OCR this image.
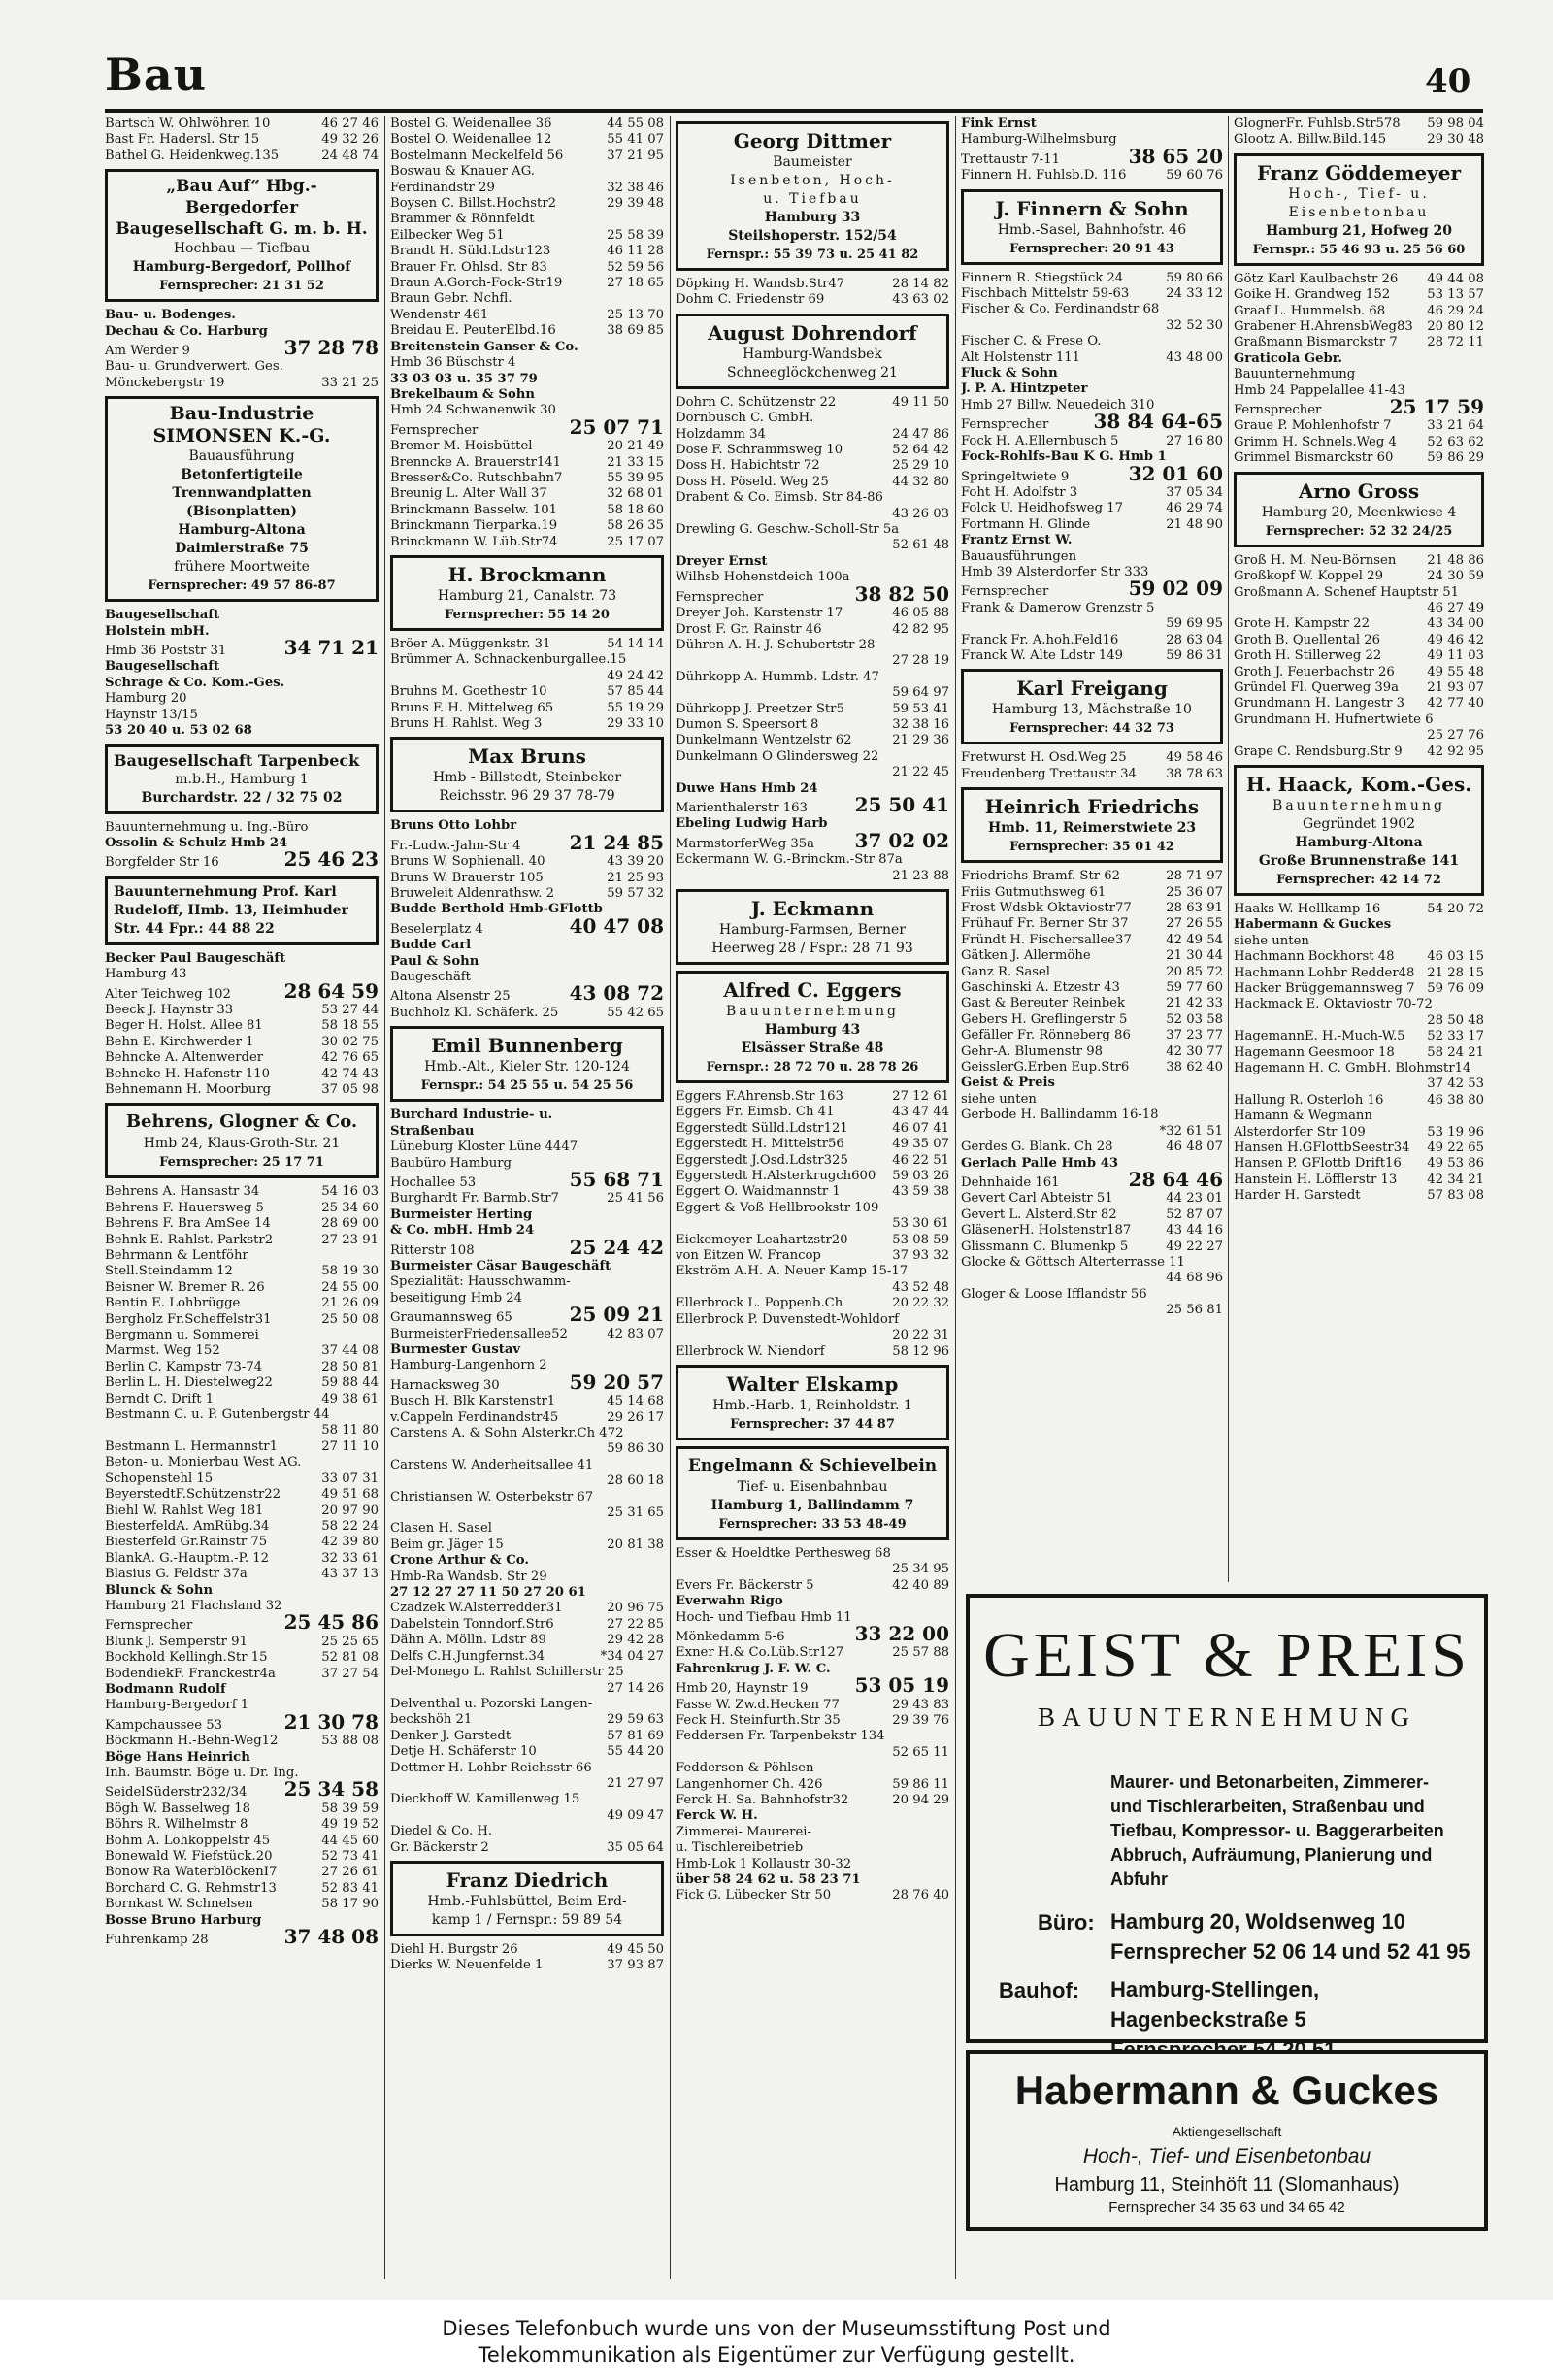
Bau	40
Bartsch W. Ohlwöhren 10	46 27 46
Bast Fr. Hadersl. Str 15	49 32 26
Bathel G. Heidenkweg.135	24 48 74
„Bau Auf“ Hbg.-Bergedorfer Baugesellschaft G. m. b. H.
Hochbau — Tiefbau
Hamburg-Bergedorf, Pollhof
Fernsprecher: 21 31 52
Bau- u. Bodenges.
Dechau & Co. Harburg
Am Werder 9	37 28 78
Bau- u. Grundverwert. Ges.
Mönckebergstr 19	33 21 25
Bau-Industrie SIMONSEN K.-G.
Bauausführung
Betonfertigteile
Trennwandplatten
(Bisonplatten)
Hamburg-Altona
Daimlerstraße 75
frühere Moortweite
Fernsprecher: 49 57 86-87
Baugesellschaft
Holstein mbH.
Hmb 36 Poststr 31	34 71 21
Baugesellschaft
Schrage & Co. Kom.-Ges.
Hamburg 20
Haynstr 13/15
53 20 40 u. 53 02 68
Baugesellschaft Tarpenbeck
m.b.H., Hamburg 1
Burchardstr. 22 / 32 75 02
Bauunternehmung u. Ing.-Büro
Ossolin & Schulz Hmb 24
Borgfelder Str 16	25 46 23
Bauunternehmung Prof. Karl Rudeloff, Hmb. 13, Heimhuder Str. 44 Fpr.: 44 88 22
Becker Paul Baugeschäft
Hamburg 43
Alter Teichweg 102	28 64 59
Beeck J. Haynstr 33	53 27 44
Beger H. Holst. Allee 81	58 18 55
Behn E. Kirchwerder 1	30 02 75
Behncke A. Altenwerder	42 76 65
Behncke H. Hafenstr 110	42 74 43
Behnemann H. Moorburg	37 05 98
Behrens, Glogner & Co.
Hmb 24, Klaus-Groth-Str. 21
Fernsprecher: 25 17 71
Behrens A. Hansastr 34	54 16 03
Behrens F. Hauersweg 5	25 34 60
Behrens F. Bra AmSee 14	28 69 00
Behnk E. Rahlst. Parkstr2	27 23 91
Behrmann & Lentföhr
Stell.Steindamm 12	58 19 30
Beisner W. Bremer R. 26	24 55 00
Bentin E. Lohbrügge	21 26 09
Bergholz Fr.Scheffelstr31	25 50 08
Bergmann u. Sommerei
Marmst. Weg 152	37 44 08
Berlin C. Kampstr 73-74	28 50 81
Berlin L. H. Diestelweg22	59 88 44
Berndt C. Drift 1	49 38 61
Bestmann C. u. P. Gutenbergstr 44
58 11 80
Bestmann L. Hermannstr1	27 11 10
Beton- u. Monierbau West AG.
Schopenstehl 15	33 07 31
BeyerstedtF.Schützenstr22	49 51 68
Biehl W. Rahlst Weg 181	20 97 90
BiesterfeldA. AmRübg.34	58 22 24
Biesterfeld Gr.Rainstr 75	42 39 80
BlankA. G.-Hauptm.-P. 12	32 33 61
Blasius G. Feldstr 37a	43 37 13
Blunck & Sohn
Hamburg 21 Flachsland 32
Fernsprecher	25 45 86
Blunk J. Semperstr 91	25 25 65
Bockhold Kellingh.Str 15	52 81 08
BodendiekF. Franckestr4a	37 27 54
Bodmann Rudolf
Hamburg-Bergedorf 1
Kampchaussee 53	21 30 78
Böckmann H.-Behn-Weg12	53 88 08
Böge Hans Heinrich
Inh. Baumstr. Böge u. Dr. Ing.
SeidelSüderstr232/34	25 34 58
Bögh W. Basselweg 18	58 39 59
Böhrs R. Wilhelmstr 8	49 19 52
Bohm A. Lohkoppelstr 45	44 45 60
Bonewald W. Fiefstück.20	52 73 41
Bonow Ra WaterblöckenI7	27 26 61
Borchard C. G. Rehmstr13	52 83 41
Bornkast W. Schnelsen	58 17 90
Bosse Bruno Harburg
Fuhrenkamp 28	37 48 08
Bostel G. Weidenallee 36	44 55 08
Bostel O. Weidenallee 12	55 41 07
Bostelmann Meckelfeld 56	37 21 95
Boswau & Knauer AG.
Ferdinandstr 29	32 38 46
Boysen C. Billst.Hochstr2	29 39 48
Brammer & Rönnfeldt
Eilbecker Weg 51	25 58 39
Brandt H. Süld.Ldstr123	46 11 28
Brauer Fr. Ohlsd. Str 83	52 59 56
Braun A.Gorch-Fock-Str19	27 18 65
Braun Gebr. Nchfl.
Wendenstr 461	25 13 70
Breidau E. PeuterElbd.16	38 69 85
Breitenstein Ganser & Co.
Hmb 36 Büschstr 4
33 03 03 u. 35 37 79
Brekelbaum & Sohn
Hmb 24 Schwanenwik 30
Fernsprecher	25 07 71
Bremer M. Hoisbüttel	20 21 49
Brenncke A. Brauerstr141	21 33 15
Bresser&Co. Rutschbahn7	55 39 95
Breunig L. Alter Wall 37	32 68 01
Brinckmann Basselw. 101	58 18 60
Brinckmann Tierparka.19	58 26 35
Brinckmann W. Lüb.Str74	25 17 07
H. Brockmann
Hamburg 21, Canalstr. 73
Fernsprecher: 55 14 20
Bröer A. Müggenkstr. 31	54 14 14
Brümmer A. Schnackenburgallee.15
49 24 42
Bruhns M. Goethestr 10	57 85 44
Bruns F. H. Mittelweg 65	55 19 29
Bruns H. Rahlst. Weg 3	29 33 10
Max Bruns
Hmb - Billstedt, Steinbeker
Reichsstr. 96 29 37 78-79
Bruns Otto Lohbr
Fr.-Ludw.-Jahn-Str 4	21 24 85
Bruns W. Sophienall. 40	43 39 20
Bruns W. Brauerstr 105	21 25 93
Bruweleit Aldenrathsw. 2	59 57 32
Budde Berthold Hmb-GFlottb
Beselerplatz 4	40 47 08
Budde Carl
Paul & Sohn
Baugeschäft
Altona Alsenstr 25	43 08 72
Buchholz Kl. Schäferk. 25	55 42 65
Emil Bunnenberg
Hmb.-Alt., Kieler Str. 120-124
Fernspr.: 54 25 55 u. 54 25 56
Burchard Industrie- u.
Straßenbau
Lüneburg Kloster Lüne 4447
Baubüro Hamburg
Hochallee 53	55 68 71
Burghardt Fr. Barmb.Str7	25 41 56
Burmeister Herting
& Co. mbH. Hmb 24
Ritterstr 108	25 24 42
Burmeister Cäsar Baugeschäft
Spezialität: Hausschwamm-
beseitigung Hmb 24
Graumannsweg 65	25 09 21
BurmeisterFriedensallee52	42 83 07
Burmester Gustav
Hamburg-Langenhorn 2
Harnacksweg 30	59 20 57
Busch H. Blk Karstenstr1	45 14 68
v.Cappeln Ferdinandstr45	29 26 17
Carstens A. & Sohn Alsterkr.Ch 472
59 86 30
Carstens W. Anderheitsallee 41
28 60 18
Christiansen W. Osterbekstr 67
25 31 65
Clasen H. Sasel
Beim gr. Jäger 15	20 81 38
Crone Arthur & Co.
Hmb-Ra Wandsb. Str 29
27 12 27 27 11 50 27 20 61
Czadzek W.Alsterredder31	20 96 75
Dabelstein Tonndorf.Str6	27 22 85
Dähn A. Mölln. Ldstr 89	29 42 28
Delfs C.H.Jungfernst.34	*34 04 27
Del-Monego L. Rahlst Schillerstr 25
27 14 26
Delventhal u. Pozorski Langen-
beckshöh 21	29 59 63
Denker J. Garstedt	57 81 69
Detje H. Schäferstr 10	55 44 20
Dettmer H. Lohbr Reichsstr 66
21 27 97
Dieckhoff W. Kamillenweg 15
49 09 47
Diedel & Co. H.
Gr. Bäckerstr 2	35 05 64
Franz Diedrich
Hmb.-Fuhlsbüttel, Beim Erd-
kamp 1 / Fernspr.: 59 89 54
Diehl H. Burgstr 26	49 45 50
Dierks W. Neuenfelde 1	37 93 87
Georg Dittmer
Baumeister
Isenbeton, Hoch-
u. Tiefbau
Hamburg 33
Steilshoperstr. 152/54
Fernspr.: 55 39 73 u. 25 41 82
Döpking H. Wandsb.Str47	28 14 82
Dohm C. Friedenstr 69	43 63 02
August Dohrendorf
Hamburg-Wandsbek
Schneeglöckchenweg 21
Dohrn C. Schützenstr 22	49 11 50
Dornbusch C. GmbH.
Holzdamm 34	24 47 86
Dose F. Schrammsweg 10	52 64 42
Doss H. Habichtstr 72	25 29 10
Doss H. Pöseld. Weg 25	44 32 80
Drabent & Co. Eimsb. Str 84-86
43 26 03
Drewling G. Geschw.-Scholl-Str 5a
52 61 48
Dreyer Ernst
Wilhsb Hohenstdeich 100a
Fernsprecher	38 82 50
Dreyer Joh. Karstenstr 17	46 05 88
Drost F. Gr. Rainstr 46	42 82 95
Dühren A. H. J. Schubertstr 28
27 28 19
Dührkopp A. Hummb. Ldstr. 47
59 64 97
Dührkopp J. Preetzer Str5	59 53 41
Dumon S. Speersort 8	32 38 16
Dunkelmann Wentzelstr 62	21 29 36
Dunkelmann O Glindersweg 22
21 22 45
Duwe Hans Hmb 24
Marienthalerstr 163	25 50 41
Ebeling Ludwig Harb
MarmstorferWeg 35a	37 02 02
Eckermann W. G.-Brinckm.-Str 87a
21 23 88
J. Eckmann
Hamburg-Farmsen, Berner
Heerweg 28 / Fspr.: 28 71 93
Alfred C. Eggers
Bauunternehmung
Hamburg 43
Elsässer Straße 48
Fernspr.: 28 72 70 u. 28 78 26
Eggers F.Ahrensb.Str 163	27 12 61
Eggers Fr. Eimsb. Ch 41	43 47 44
Eggerstedt Sülld.Ldstr121	46 07 41
Eggerstedt H. Mittelstr56	49 35 07
Eggerstedt J.Osd.Ldstr325	46 22 51
Eggerstedt H.Alsterkrugch600	59 03 26
Eggert O. Waidmannstr 1	43 59 38
Eggert & Voß Hellbrookstr 109
53 30 61
Eickemeyer Leahartzstr20	53 08 59
von Eitzen W. Francop	37 93 32
Ekström A.H. A. Neuer Kamp 15-17
43 52 48
Ellerbrock L. Poppenb.Ch	20 22 32
Ellerbrock P. Duvenstedt-Wohldorf
20 22 31
Ellerbrock W. Niendorf	58 12 96
Walter Elskamp
Hmb.-Harb. 1, Reinholdstr. 1
Fernsprecher: 37 44 87
Engelmann & Schievelbein
Tief- u. Eisenbahnbau
Hamburg 1, Ballindamm 7
Fernsprecher: 33 53 48-49
Esser & Hoeldtke Perthesweg 68
25 34 95
Evers Fr. Bäckerstr 5	42 40 89
Everwahn Rigo
Hoch- und Tiefbau Hmb 11
Mönkedamm 5-6	33 22 00
Exner H.& Co.Lüb.Str127	25 57 88
Fahrenkrug J. F. W. C.
Hmb 20, Haynstr 19	53 05 19
Fasse W. Zw.d.Hecken 77	29 43 83
Feck H. Steinfurth.Str 35	29 39 76
Feddersen Fr. Tarpenbekstr 134
52 65 11
Feddersen & Pöhlsen
Langenhorner Ch. 426	59 86 11
Ferck H. Sa. Bahnhofstr32	20 94 29
Ferck W. H.
Zimmerei- Maurerei-
u. Tischlereibetrieb
Hmb-Lok 1 Kollaustr 30-32
über 58 24 62 u. 58 23 71
Fick G. Lübecker Str 50	28 76 40
Fink Ernst
Hamburg-Wilhelmsburg
Trettaustr 7-11	38 65 20
Finnern H. Fuhlsb.D. 116	59 60 76
J. Finnern & Sohn
Hmb.-Sasel, Bahnhofstr. 46
Fernsprecher: 20 91 43
Finnern R. Stiegstück 24	59 80 66
Fischbach Mittelstr 59-63	24 33 12
Fischer & Co. Ferdinandstr 68
32 52 30
Fischer C. & Frese O.
Alt Holstenstr 111	43 48 00
Fluck & Sohn
J. P. A. Hintzpeter
Hmb 27 Billw. Neuedeich 310
Fernsprecher	38 84 64-65
Fock H. A.Ellernbusch 5	27 16 80
Fock-Rohlfs-Bau K G. Hmb 1
Springeltwiete 9	32 01 60
Foht H. Adolfstr 3	37 05 34
Folck U. Heidhofsweg 17	46 29 74
Fortmann H. Glinde	21 48 90
Frantz Ernst W.
Bauausführungen
Hmb 39 Alsterdorfer Str 333
Fernsprecher	59 02 09
Frank & Damerow Grenzstr 5
59 69 95
Franck Fr. A.hoh.Feld16	28 63 04
Franck W. Alte Ldstr 149	59 86 31
Karl Freigang
Hamburg 13, Mächstraße 10
Fernsprecher: 44 32 73
Fretwurst H. Osd.Weg 25	49 58 46
Freudenberg Trettaustr 34	38 78 63
Heinrich Friedrichs
Hmb. 11, Reimerstwiete 23
Fernsprecher: 35 01 42
Friedrichs Bramf. Str 62	28 71 97
Friis Gutmuthsweg 61	25 36 07
Frost Wdsbk Oktaviostr77	28 63 91
Frühauf Fr. Berner Str 37	27 26 55
Fründt H. Fischersallee37	42 49 54
Gätken J. Allermöhe	21 30 44
Ganz R. Sasel	20 85 72
Gaschinski A. Etzestr 43	59 77 60
Gast & Bereuter Reinbek	21 42 33
Gebers H. Greflingerstr 5	52 03 58
Gefäller Fr. Rönneberg 86	37 23 77
Gehr-A. Blumenstr 98	42 30 77
GeisslerG.Erben Eup.Str6	38 62 40
Geist & Preis
siehe unten
Gerbode H. Ballindamm 16-18
*32 61 51
Gerdes G. Blank. Ch 28	46 48 07
Gerlach Palle Hmb 43
Dehnhaide 161	28 64 46
Gevert Carl Abteistr 51	44 23 01
Gevert L. Alsterd.Str 82	52 87 07
GläsenerH. Holstenstr187	43 44 16
Glissmann C. Blumenkp 5	49 22 27
Glocke & Göttsch Alterterrasse 11
44 68 96
Gloger & Loose Ifflandstr 56
25 56 81
GlognerFr. Fuhlsb.Str578	59 98 04
Glootz A. Billw.Bild.145	29 30 48
Franz Göddemeyer
Hoch-, Tief- u.
Eisenbetonbau
Hamburg 21, Hofweg 20
Fernspr.: 55 46 93 u. 25 56 60
Götz Karl Kaulbachstr 26	49 44 08
Goike H. Grandweg 152	53 13 57
Graaf L. Hummelsb. 68	46 29 24
Grabener H.AhrensbWeg83	20 80 12
Graßmann Bismarckstr 7	28 72 11
Graticola Gebr.
Bauunternehmung
Hmb 24 Pappelallee 41-43
Fernsprecher	25 17 59
Graue P. Mohlenhofstr 7	33 21 64
Grimm H. Schnels.Weg 4	52 63 62
Grimmel Bismarckstr 60	59 86 29
Arno Gross
Hamburg 20, Meenkwiese 4
Fernsprecher: 52 32 24/25
Groß H. M. Neu-Börnsen	21 48 86
Großkopf W. Koppel 29	24 30 59
Großmann A. Schenef Hauptstr 51
46 27 49
Grote H. Kampstr 22	43 34 00
Groth B. Quellental 26	49 46 42
Groth H. Stillerweg 22	49 11 03
Groth J. Feuerbachstr 26	49 55 48
Gründel Fl. Querweg 39a	21 93 07
Grundmann H. Langestr 3	42 77 40
Grundmann H. Hufnertwiete 6
25 27 76
Grape C. Rendsburg.Str 9	42 92 95
H. Haack, Kom.-Ges.
Bauunternehmung
Gegründet 1902
Hamburg-Altona
Große Brunnenstraße 141
Fernsprecher: 42 14 72
Haaks W. Hellkamp 16	54 20 72
Habermann & Guckes
siehe unten
Hachmann Bockhorst 48	46 03 15
Hachmann Lohbr Redder48 21 28 15
Hacker Brüggemannsweg 7 59 76 09
Hackmack E. Oktaviostr 70-72
28 50 48
HagemannE. H.-Much-W.5	52 33 17
Hagemann Geesmoor 18	58 24 21
Hagemann H. C. GmbH. Blohmstr14
37 42 53
Hallung R. Osterloh 16	46 38 80
Hamann & Wegmann
Alsterdorfer Str 109	53 19 96
Hansen H.GFlottbSeestr34	49 22 65
Hansen P. GFlottb Drift16	49 53 86
Hanstein H. Löfflerstr 13	42 34 21
Harder H. Garstedt	57 83 08
GEIST & PREIS
BAUUNTERNEHMUNG
Maurer- und Betonarbeiten, Zimmerer-
und Tischlerarbeiten, Straßenbau und
Tiefbau, Kompressor- u. Baggerarbeiten
Abbruch, Aufräumung, Planierung und
Abfuhr
Büro: Hamburg 20, Woldsenweg 10
Fernsprecher 52 06 14 und 52 41 95
Bauhof: Hamburg-Stellingen,
Hagenbeckstraße 5
Habermann & Guckes
Aktiengesellschaft
Hoch-, Tief- und Eisenbetonbau
Hamburg 11, Steinhöft 11 (Slomanhaus)
Fernsprecher 34 35 63 und 34 65 42
Dieses Telefonbuch wurde uns von der Museumsstiftung Post und
Telekommunikation als Eigentümer zur Verfügung gestellt.
